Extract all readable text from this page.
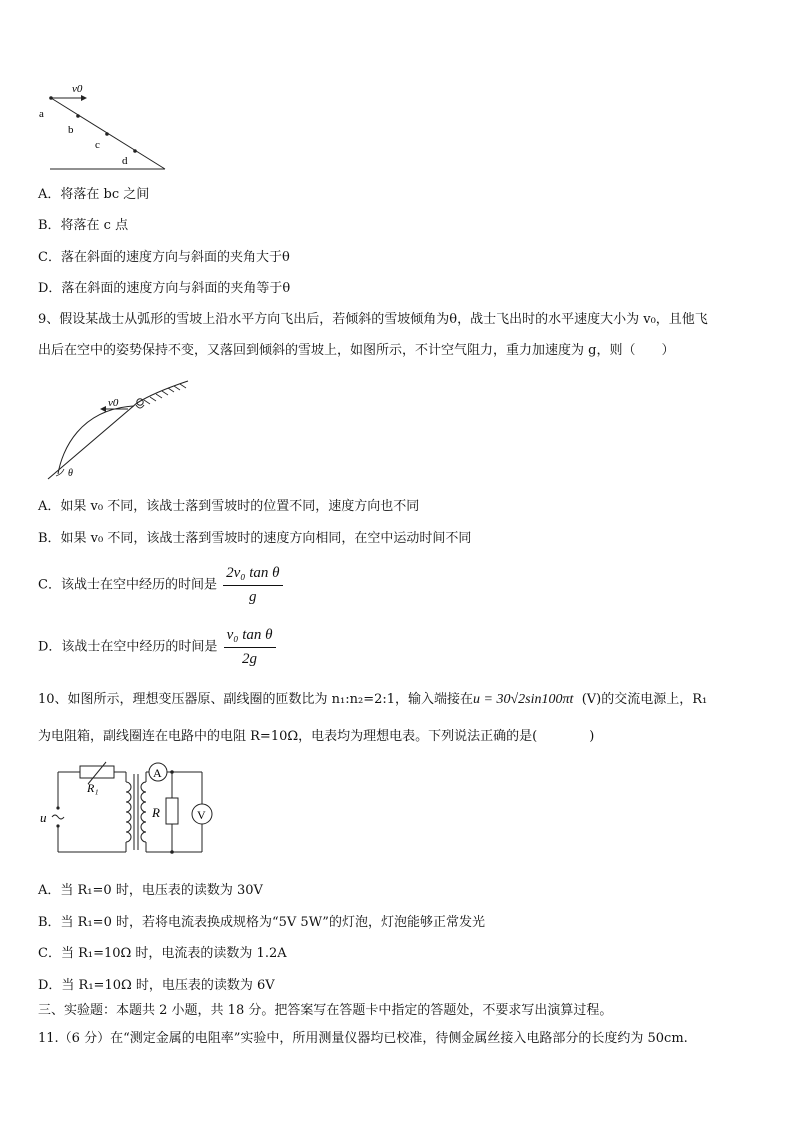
v0
a
b
c
d
A．将落在 bc 之间
B．将落在 c 点
C．落在斜面的速度方向与斜面的夹角大于θ
D．落在斜面的速度方向与斜面的夹角等于θ
9、假设某战士从弧形的雪坡上沿水平方向飞出后，若倾斜的雪坡倾角为θ，战士飞出时的水平速度大小为 v₀，且他飞
出后在空中的姿势保持不变，又落回到倾斜的雪坡上，如图所示，不计空气阻力，重力加速度为 g，则（　　）
v0
θ
A．如果 v₀ 不同，该战士落到雪坡时的位置不同，速度方向也不同
B．如果 v₀ 不同，该战士落到雪坡时的速度方向相同，在空中运动时间不同
C．该战士在空中经历的时间是 $\frac{\text{2v₀ tan θ}}{g}$
D．该战士在空中经历的时间是 $\frac{\text{v₀ tan θ}}{2g}$
10、如图所示，理想变压器原、副线圈的匝数比为 n₁:n₂=2:1，输入端接在u = 30√2sin100πt (V)的交流电源上，R₁
为电阻箱，副线圈连在电路中的电阻 R=10Ω，电表均为理想电表。下列说法正确的是(　　　　)
u
R₁
R
A
V
A．当 R₁=0 时，电压表的读数为 30V
B．当 R₁=0 时，若将电流表换成规格为“5V 5W”的灯泡，灯泡能够正常发光
C．当 R₁=10Ω 时，电流表的读数为 1.2A
D．当 R₁=10Ω 时，电压表的读数为 6V
三、实验题：本题共 2 小题，共 18 分。把答案写在答题卡中指定的答题处，不要求写出演算过程。
11.（6 分）在“测定金属的电阻率”实验中，所用测量仪器均已校准，待侧金属丝接入电路部分的长度约为 50cm.
